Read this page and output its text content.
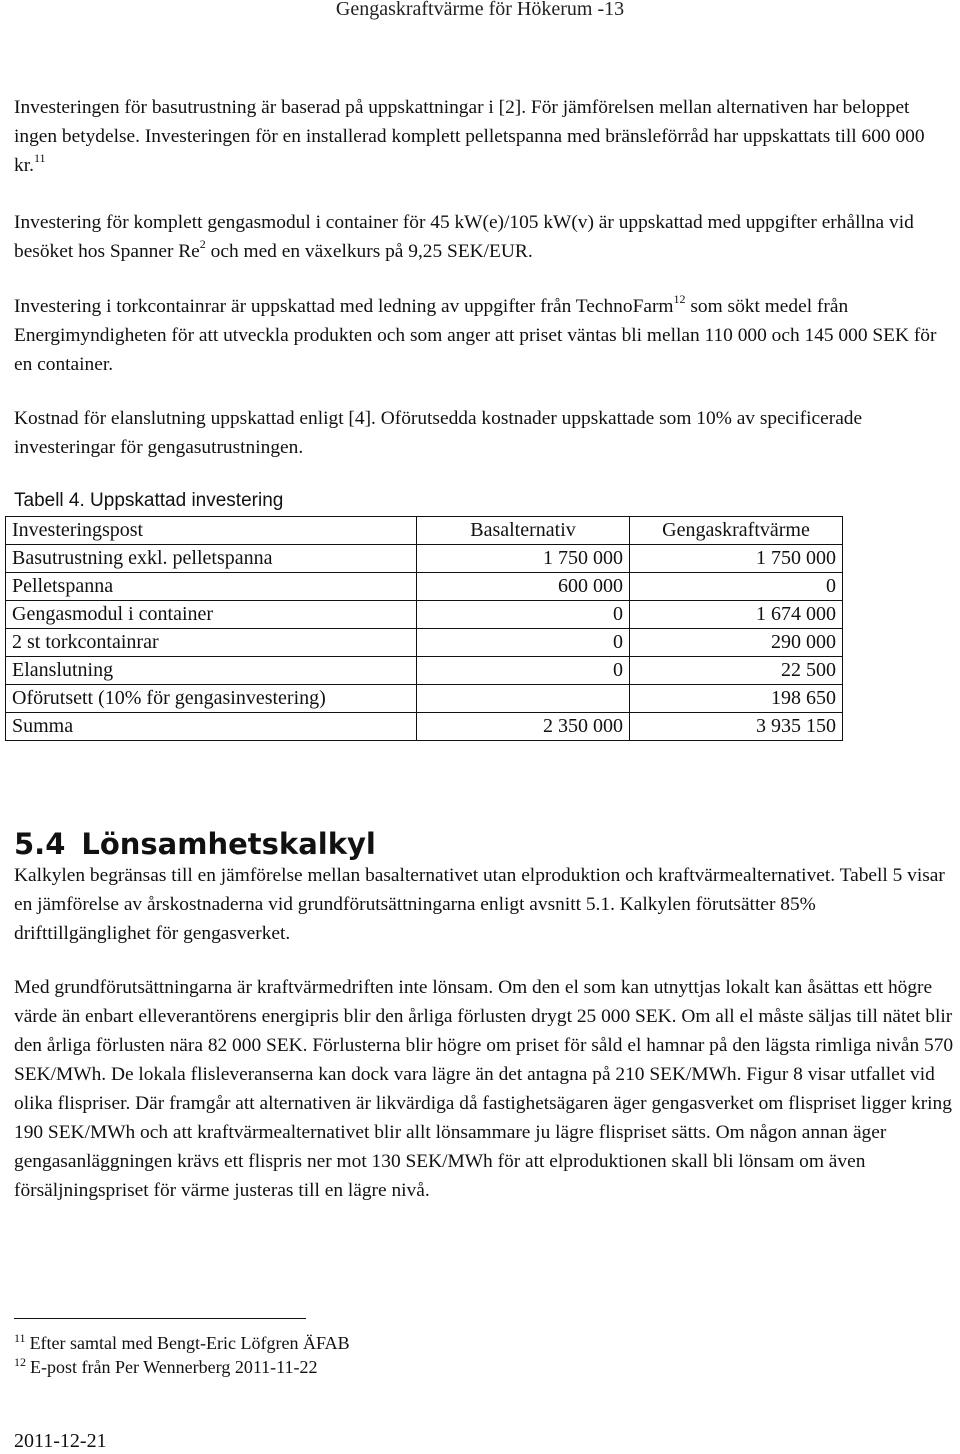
Gengaskraftvärme för Hökerum -13

Investeringen för basutrustning är baserad på uppskattningar i [2]. För jämförelsen mellan alternativen har beloppet ingen betydelse. Investeringen för en installerad komplett pelletspanna med bränsleförråd har uppskattats till 600 000 kr.$^{11}$

Investering för komplett gengasmodul i container för 45 kW(e)/105 kW(v) är uppskattad med uppgifter erhållna vid besöket hos Spanner Re$^2$ och med en växelkurs på 9,25 SEK/EUR.

Investering i torkcontainrar är uppskattad med ledning av uppgifter från TechnoFarm$^{12}$ som sökt medel från Energimyndigheten för att utveckla produkten och som anger att priset väntas bli mellan 110 000 och 145 000 SEK för en container.

Kostnad för elanslutning uppskattad enligt [4]. Oförutsedda kostnader uppskattade som 10% av specificerade investeringar för gengasutrustningen.

Tabell 4. Uppskattad investering
Investeringspost	Basalternativ	Gengaskraftvärme
Basutrustning exkl. pelletspanna	1 750 000	1 750 000
Pelletspanna	600 000	0
Gengasmodul i container	0	1 674 000
2 st torkcontainrar	0	290 000
Elanslutning	0	22 500
Oförutsett (10% för gengasinvestering)		198 650
Summa	2 350 000	3 935 150
5.4 Lönsamhetskalkyl

Kalkylen begränsas till en jämförelse mellan basalternativet utan elproduktion och kraftvärmealternativet. Tabell 5 visar en jämförelse av årskostnaderna vid grundförutsättningarna enligt avsnitt 5.1. Kalkylen förutsätter 85% drifttillgänglighet för gengasverket.

Med grundförutsättningarna är kraftvärmedriften inte lönsam. Om den el som kan utnyttjas lokalt kan åsättas ett högre värde än enbart elleverantörens energipris blir den årliga förlusten drygt 25 000 SEK. Om all el måste säljas till nätet blir den årliga förlusten nära 82 000 SEK. Förlusterna blir högre om priset för såld el hamnar på den lägsta rimliga nivån 570 SEK/MWh. De lokala flisleveranserna kan dock vara lägre än det antagna på 210 SEK/MWh. Figur 8 visar utfallet vid olika flispriser. Där framgår att alternativen är likvärdiga då fastighetsägaren äger gengasverket om flispriset ligger kring 190 SEK/MWh och att kraftvärmealternativet blir allt lönsammare ju lägre flispriset sätts. Om någon annan äger gengasanläggningen krävs ett flispris ner mot 130 SEK/MWh för att elproduktionen skall bli lönsam om även försäljningspriset för värme justeras till en lägre nivå.

$^{11}$ Efter samtal med Bengt-Eric Löfgren ÄFAB
$^{12}$ E-post från Per Wennerberg 2011-11-22
2011-12-21
